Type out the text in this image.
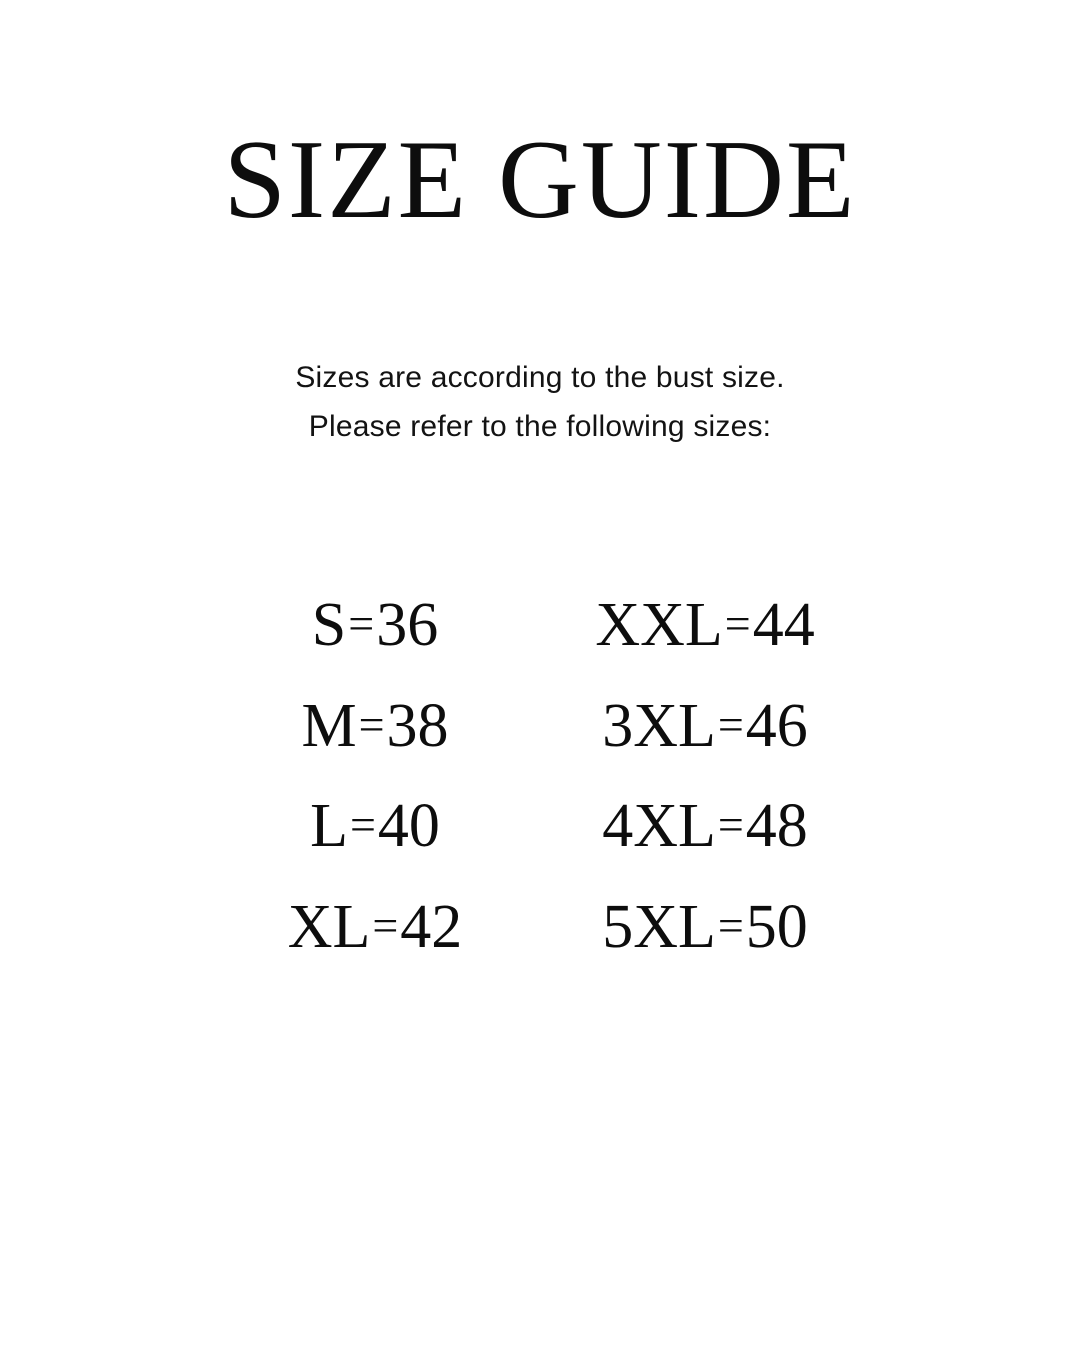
SIZE GUIDE

Sizes are according to the bust size.
Please refer to the following sizes:

S=36	XXL=44
M=38	3XL=46
L=40	4XL=48
XL=42	5XL=50
